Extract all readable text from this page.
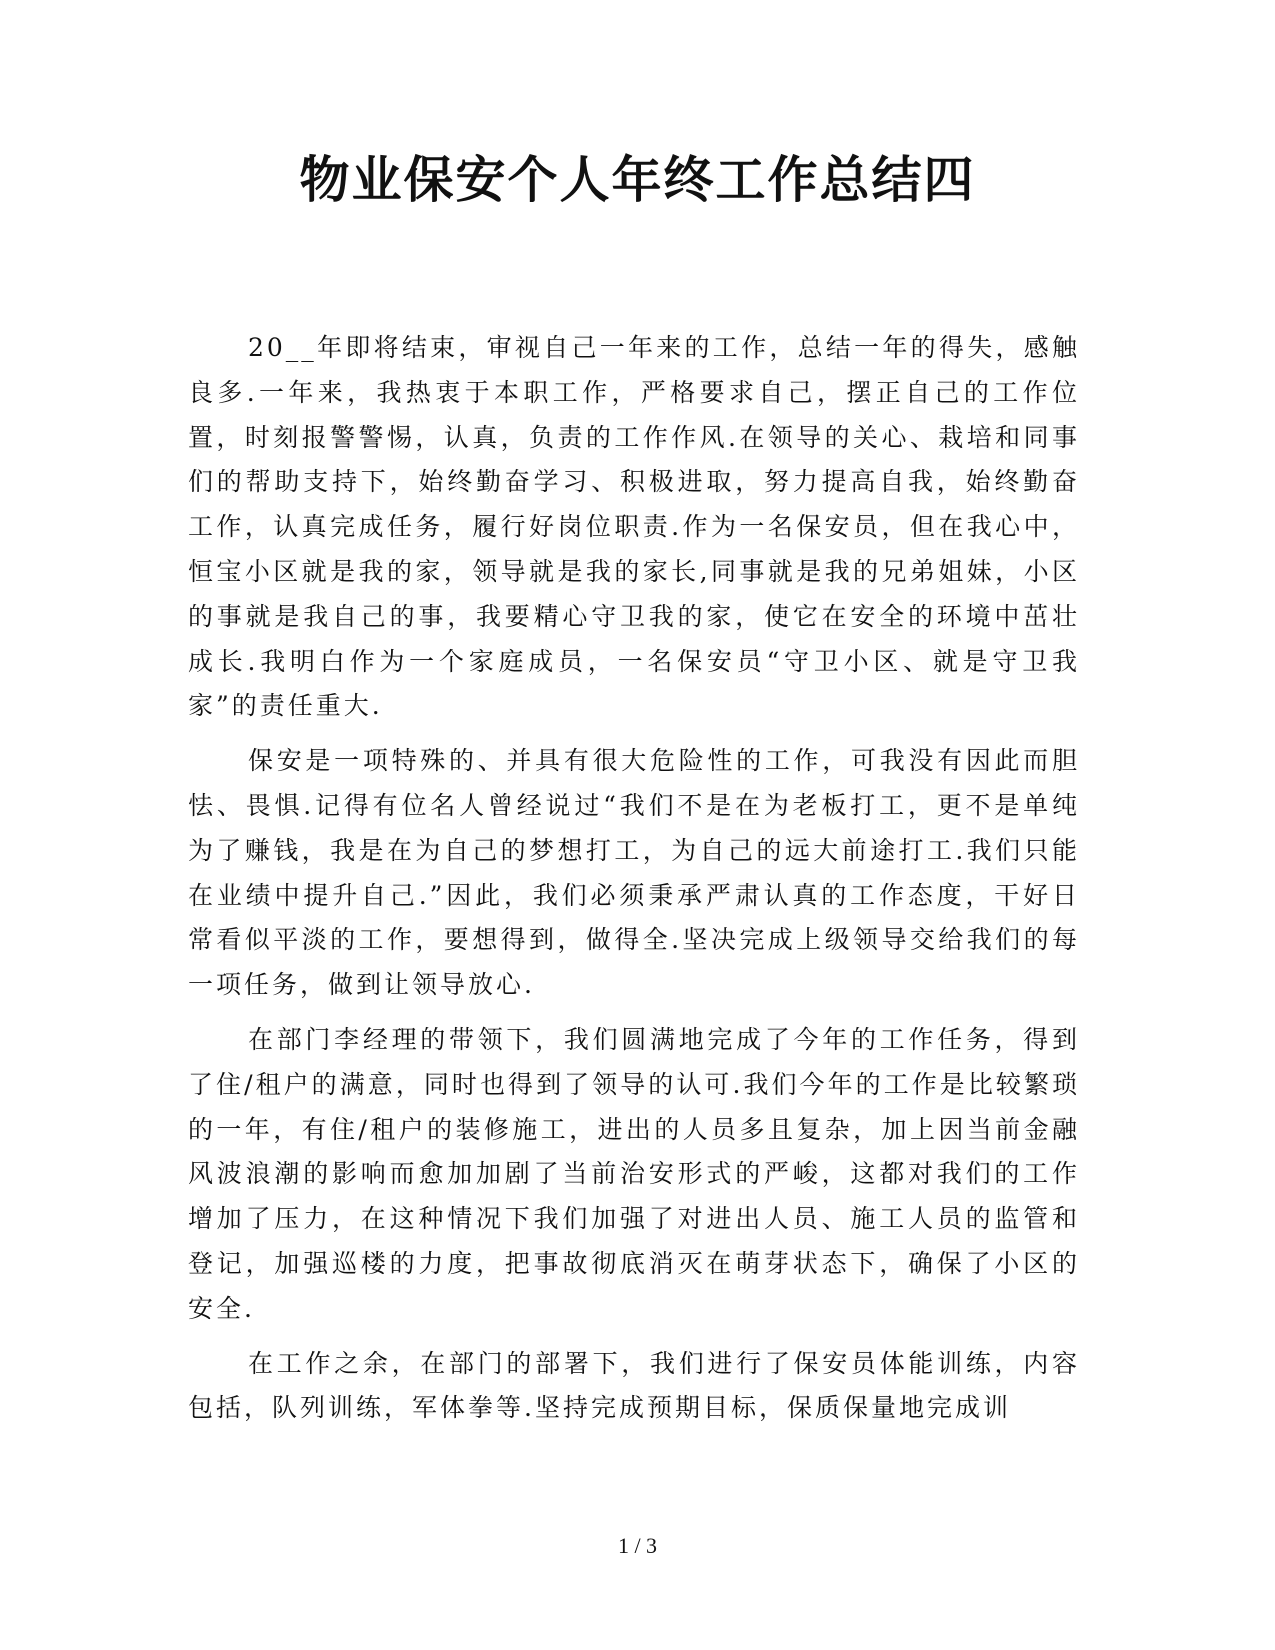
物业保安个人年终工作总结四

20__年即将结束，审视自己一年来的工作，总结一年的得失，感触良多.一年来，我热衷于本职工作，严格要求自己，摆正自己的工作位置，时刻报警警惕，认真，负责的工作作风.在领导的关心、栽培和同事们的帮助支持下，始终勤奋学习、积极进取，努力提高自我，始终勤奋工作，认真完成任务，履行好岗位职责.作为一名保安员，但在我心中，恒宝小区就是我的家，领导就是我的家长,同事就是我的兄弟姐妹，小区的事就是我自己的事，我要精心守卫我的家，使它在安全的环境中茁壮成长.我明白作为一个家庭成员，一名保安员“守卫小区、就是守卫我家”的责任重大.

保安是一项特殊的、并具有很大危险性的工作，可我没有因此而胆怯、畏惧.记得有位名人曾经说过“我们不是在为老板打工，更不是单纯为了赚钱，我是在为自己的梦想打工，为自己的远大前途打工.我们只能在业绩中提升自己.”因此，我们必须秉承严肃认真的工作态度，干好日常看似平淡的工作，要想得到，做得全.坚决完成上级领导交给我们的每一项任务，做到让领导放心.

在部门李经理的带领下，我们圆满地完成了今年的工作任务，得到了住/租户的满意，同时也得到了领导的认可.我们今年的工作是比较繁琐的一年，有住/租户的装修施工，进出的人员多且复杂，加上因当前金融风波浪潮的影响而愈加加剧了当前治安形式的严峻，这都对我们的工作增加了压力，在这种情况下我们加强了对进出人员、施工人员的监管和登记，加强巡楼的力度，把事故彻底消灭在萌芽状态下，确保了小区的安全.

在工作之余，在部门的部署下，我们进行了保安员体能训练，内容包括，队列训练，军体拳等.坚持完成预期目标，保质保量地完成训

1 / 3
